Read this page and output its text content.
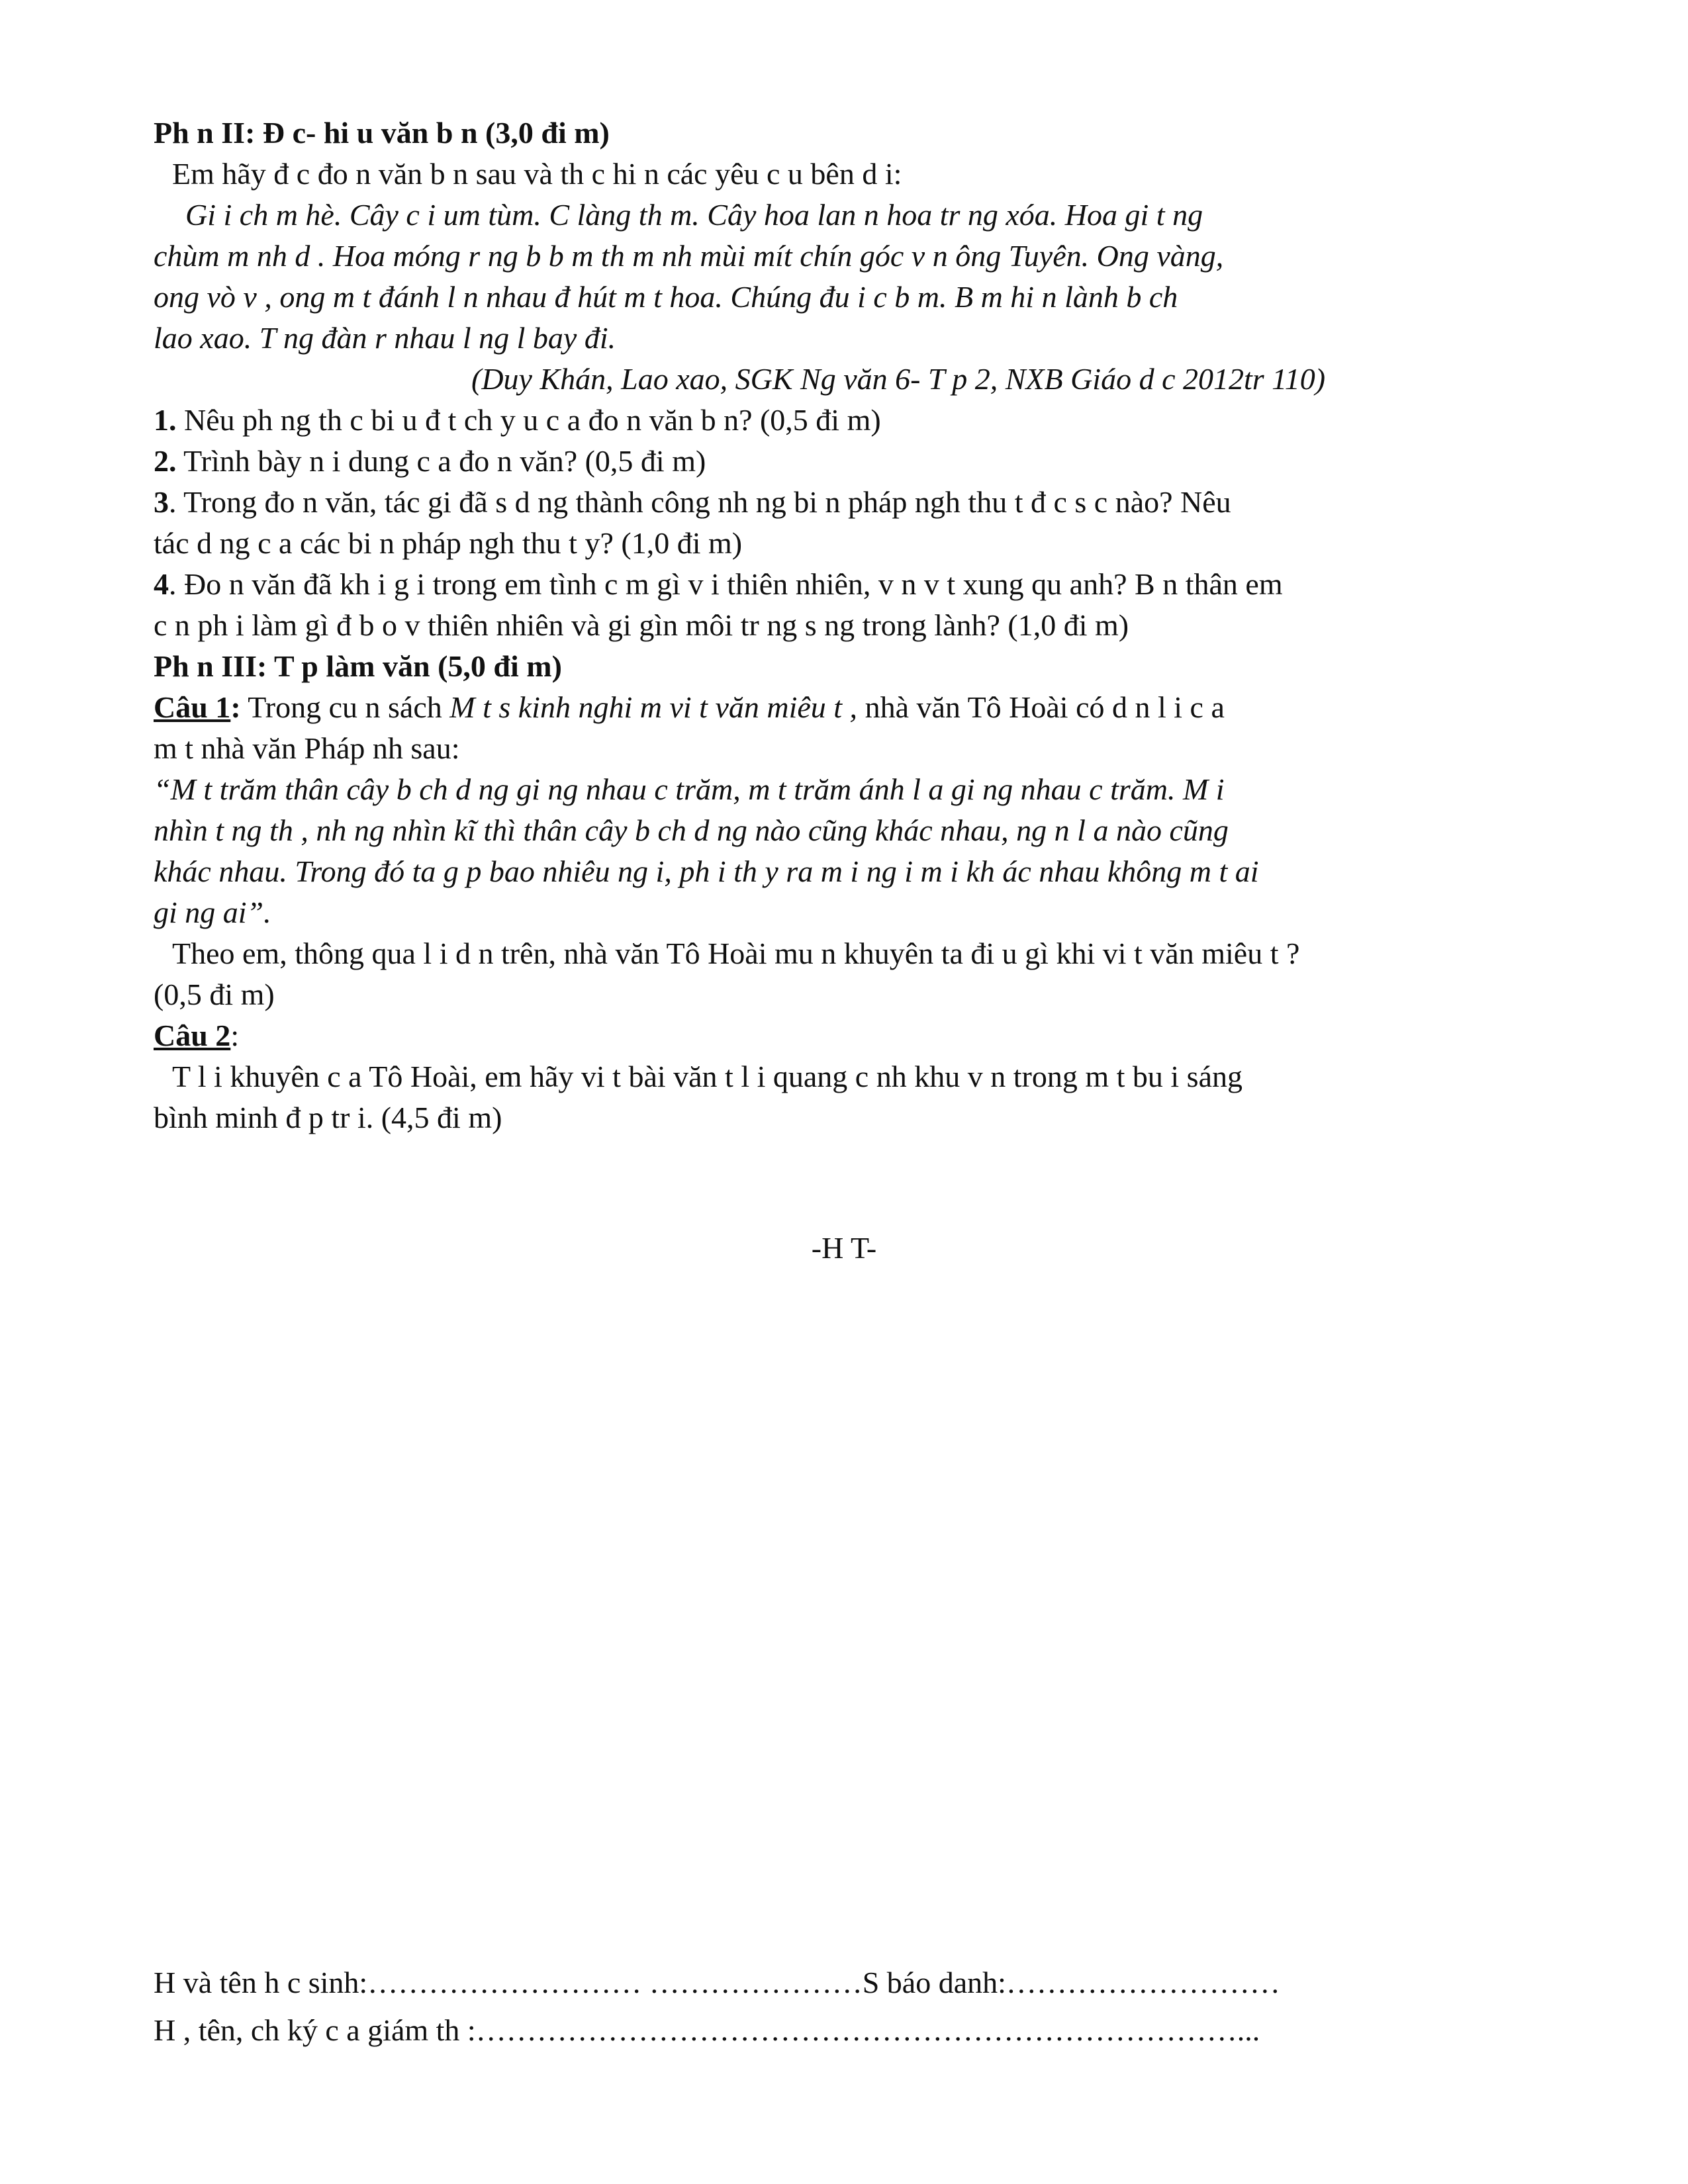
Ph n II: Đ c- hi u văn b n (3,0 đi m)
Em hãy đ c đo n văn b n sau và th c hi n các yêu c u bên d i:
Gi i ch m hè. Cây c i um tùm. C làng th m. Cây hoa lan n hoa tr ng xóa. Hoa gi t ng
chùm m nh d . Hoa móng r ng b b m th m nh mùi mít chín góc v n ông Tuyên. Ong vàng,
ong vò v , ong m t đánh l n nhau đ hút m t hoa. Chúng đu i c b m. B m hi n lành b ch
lao xao. T ng đàn r nhau l ng l bay đi.
(Duy Khán, Lao xao, SGK Ng văn 6- T p 2, NXB Giáo d c 2012tr 110)
1. Nêu ph ng th c bi u đ t ch y u c a đo n văn b n? (0,5 đi m)
2. Trình bày n i dung c a đo n văn? (0,5 đi m)
3. Trong đo n văn, tác gi đã s d ng thành công nh ng bi n pháp ngh thu t đ c s c nào? Nêu
tác d ng c a các bi n pháp ngh thu t y? (1,0 đi m)
4. Đo n văn đã kh i g i trong em tình c m gì v i thiên nhiên, v n v t xung qu anh? B n thân em
c n ph i làm gì đ b o v thiên nhiên và gi gìn môi tr ng s ng trong lành? (1,0 đi m)
Ph n III: T p làm văn (5,0 đi m)
Câu 1: Trong cu n sách M t s kinh nghi m vi t văn miêu t , nhà văn Tô Hoài có d n l i c a
m t nhà văn Pháp nh sau:
“M t trăm thân cây b ch d ng gi ng nhau c trăm, m t trăm ánh l a gi ng nhau c trăm. M i
nhìn t ng th , nh ng nhìn kĩ thì thân cây b ch d ng nào cũng khác nhau, ng n l a nào cũng
khác nhau. Trong đó ta g p bao nhiêu ng i, ph i th y ra m i ng i m i kh ác nhau không m t ai
gi ng ai”.
Theo em, thông qua l i d n trên, nhà văn Tô Hoài mu n khuyên ta đi u gì khi vi t văn miêu t ?
(0,5 đi m)
Câu 2:
T l i khuyên c a Tô Hoài, em hãy vi t bài văn t l i quang c nh khu v n trong m t bu i sáng
bình minh đ p tr i. (4,5 đi m)
-H T-
H và tên h c sinh:……………………… …………………S báo danh:………………………
H , tên, ch ký c a giám th :…………………………………………………………………...
